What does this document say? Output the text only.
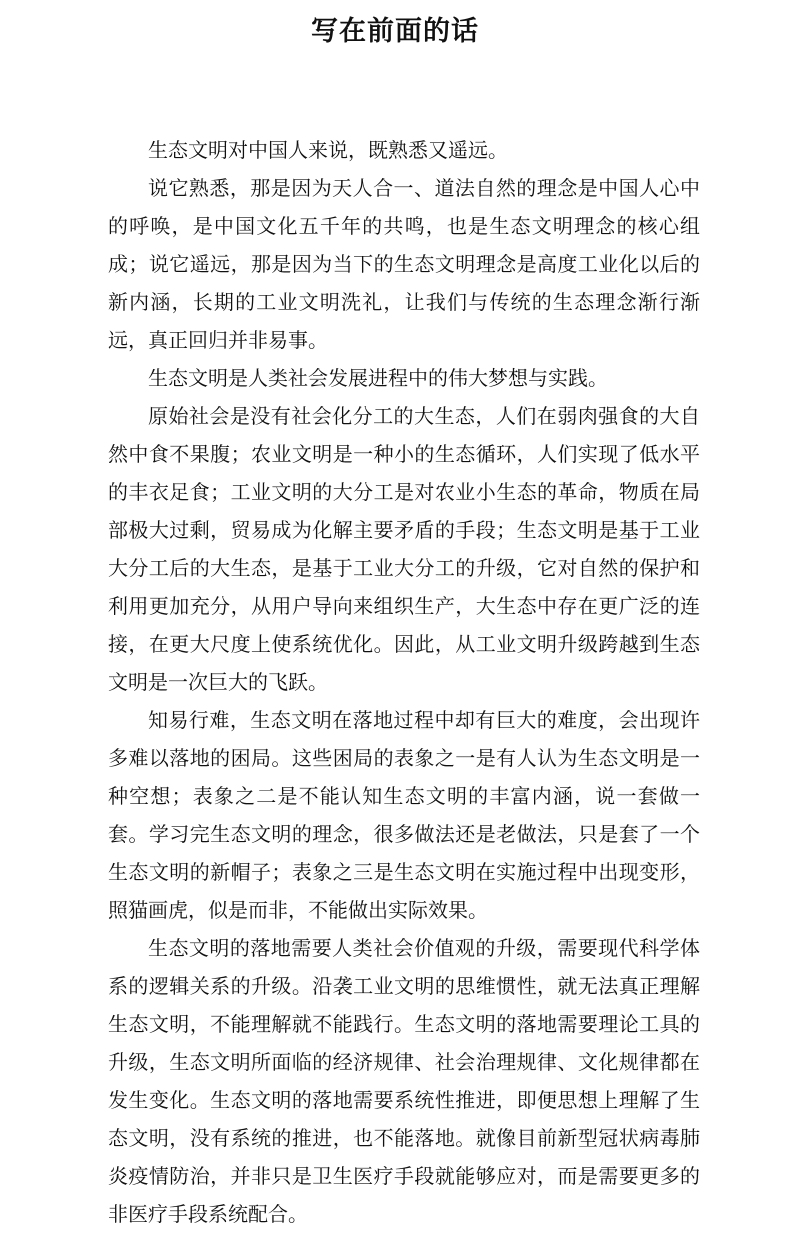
写在前面的话

生态文明对中国人来说，既熟悉又遥远。

说它熟悉，那是因为天人合一、道法自然的理念是中国人心中的呼唤，是中国文化五千年的共鸣，也是生态文明理念的核心组成；说它遥远，那是因为当下的生态文明理念是高度工业化以后的新内涵，长期的工业文明洗礼，让我们与传统的生态理念渐行渐远，真正回归并非易事。

生态文明是人类社会发展进程中的伟大梦想与实践。

原始社会是没有社会化分工的大生态，人们在弱肉强食的大自然中食不果腹；农业文明是一种小的生态循环，人们实现了低水平的丰衣足食；工业文明的大分工是对农业小生态的革命，物质在局部极大过剩，贸易成为化解主要矛盾的手段；生态文明是基于工业大分工后的大生态，是基于工业大分工的升级，它对自然的保护和利用更加充分，从用户导向来组织生产，大生态中存在更广泛的连接，在更大尺度上使系统优化。因此，从工业文明升级跨越到生态文明是一次巨大的飞跃。

知易行难，生态文明在落地过程中却有巨大的难度，会出现许多难以落地的困局。这些困局的表象之一是有人认为生态文明是一种空想；表象之二是不能认知生态文明的丰富内涵，说一套做一套。学习完生态文明的理念，很多做法还是老做法，只是套了一个生态文明的新帽子；表象之三是生态文明在实施过程中出现变形，照猫画虎，似是而非，不能做出实际效果。

生态文明的落地需要人类社会价值观的升级，需要现代科学体系的逻辑关系的升级。沿袭工业文明的思维惯性，就无法真正理解生态文明，不能理解就不能践行。生态文明的落地需要理论工具的升级，生态文明所面临的经济规律、社会治理规律、文化规律都在发生变化。生态文明的落地需要系统性推进，即便思想上理解了生态文明，没有系统的推进，也不能落地。就像目前新型冠状病毒肺炎疫情防治，并非只是卫生医疗手段就能够应对，而是需要更多的非医疗手段系统配合。
